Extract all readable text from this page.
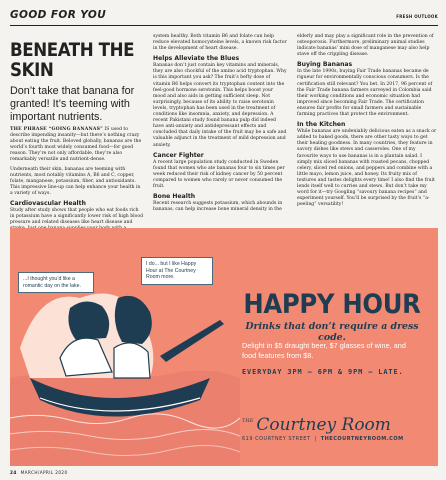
GOOD FOR YOU	FRESH OUTLOOK
BENEATH THE SKIN
Don’t take that banana for granted! It’s teeming with important nutrients.
THE PHRASE “GOING BANANAS” IS used to describe impending insanity—but there’s nothing crazy about eating the fruit. Beloved globally, bananas are the world’s fourth most widely consumed food—for good reason. They’re not only affordable, they’re also remarkably versatile and nutrient-dense.
Underneath their skin, bananas are teeming with nutrients, most notably vitamins A, B6 and C, copper, folate, manganese, potassium, fiber, and antioxidants. This impressive line-up can help enhance your health in a variety of ways.
Cardiovascular Health
Study after study shows that people who eat foods rich in potassium have a significantly lower risk of high blood pressure and related diseases like heart disease and
system healthy. Both vitamin B6 and folate can help reduce elevated homocysteine levels, a known risk factor in the development of heart disease.
Helps Alleviate the Blues
Bananas don’t just contain key vitamins and minerals, they are also chockful of the amino acid tryptophan. Why is this important you ask? The fruit’s hefty dose of vitamin B6 helps convert its tryptophan content into the feel-good hormone serotonin. This helps boost your mood and also aids in getting sufficient sleep. Not surprisingly, because of its ability to raise serotonin levels, tryptophan has been used in the treatment of conditions like insomnia, anxiety, and depression. A recent Pakistani study found banana pulp did indeed have anti-anxiety and antidepressant effects and concluded that daily intake of the fruit may be a safe and valuable adjunct in the treatment of mild depression and anxiety.
Cancer Fighter
A recent large population study conducted in Sweden found that women who ate bananas four to six times per week reduced their risk of kidney cancer by 50 percent compared to women who rarely or never consumed the fruit.
Bone Health
Recent research suggests potassium, which abounds in bananas, can help increase bone mineral density in the
elderly and may play a significant role in the prevention of osteoporosis. Furthermore, preliminary animal studies indicate bananas’ mini dose of manganese may also help stave off the crippling disease.
Buying Bananas
In the late 1990s, buying Fair Trade bananas became de rigueur for environmentally conscious consumers. Is the certification still relevant? You bet. In 2017, 96 percent of the Fair Trade banana farmers surveyed in Colombia said their working conditions and economic situation had improved since becoming Fair Trade. The certification ensures fair profits for small farmers and sustainable farming practices that protect the environment.
In the Kitchen
While bananas are undeniably delicious eaten as a snack or added to baked goods, there are other tasty ways to get their healing goodness. In many countries, they feature in savory dishes like stews and casseroles. One of my favourite ways to use bananas is in a plantain salad. I simply mix sliced bananas with roasted pecans, chopped celery, sliced red onions, and peppers and combine with a little mayo, lemon juice, and honey. Its fruity mix of textures and tastes delights every time! I also find the fruit lends itself well to curries and stews. But don’t take my word for it—try Googling “savoury banana recipes” and experiment yourself. You’ll be surprised by the fruit’s “a-peeling” versatility!
...I thought you’d like a romantic day on the lake.
I do... but I like Happy Hour at The Courtney Room more.
HAPPY HOUR
Drinks that don’t require a dress code.
Delight in $5 draught beer, $7 glasses of wine, and food features from $8.
EVERYDAY 3PM – 6PM & 9PM – LATE.
$^{THE}$ Courtney Room
619 COURTNEY STREET | THECOURTNEYROOM.COM
24 MARCH/APRIL 2020
